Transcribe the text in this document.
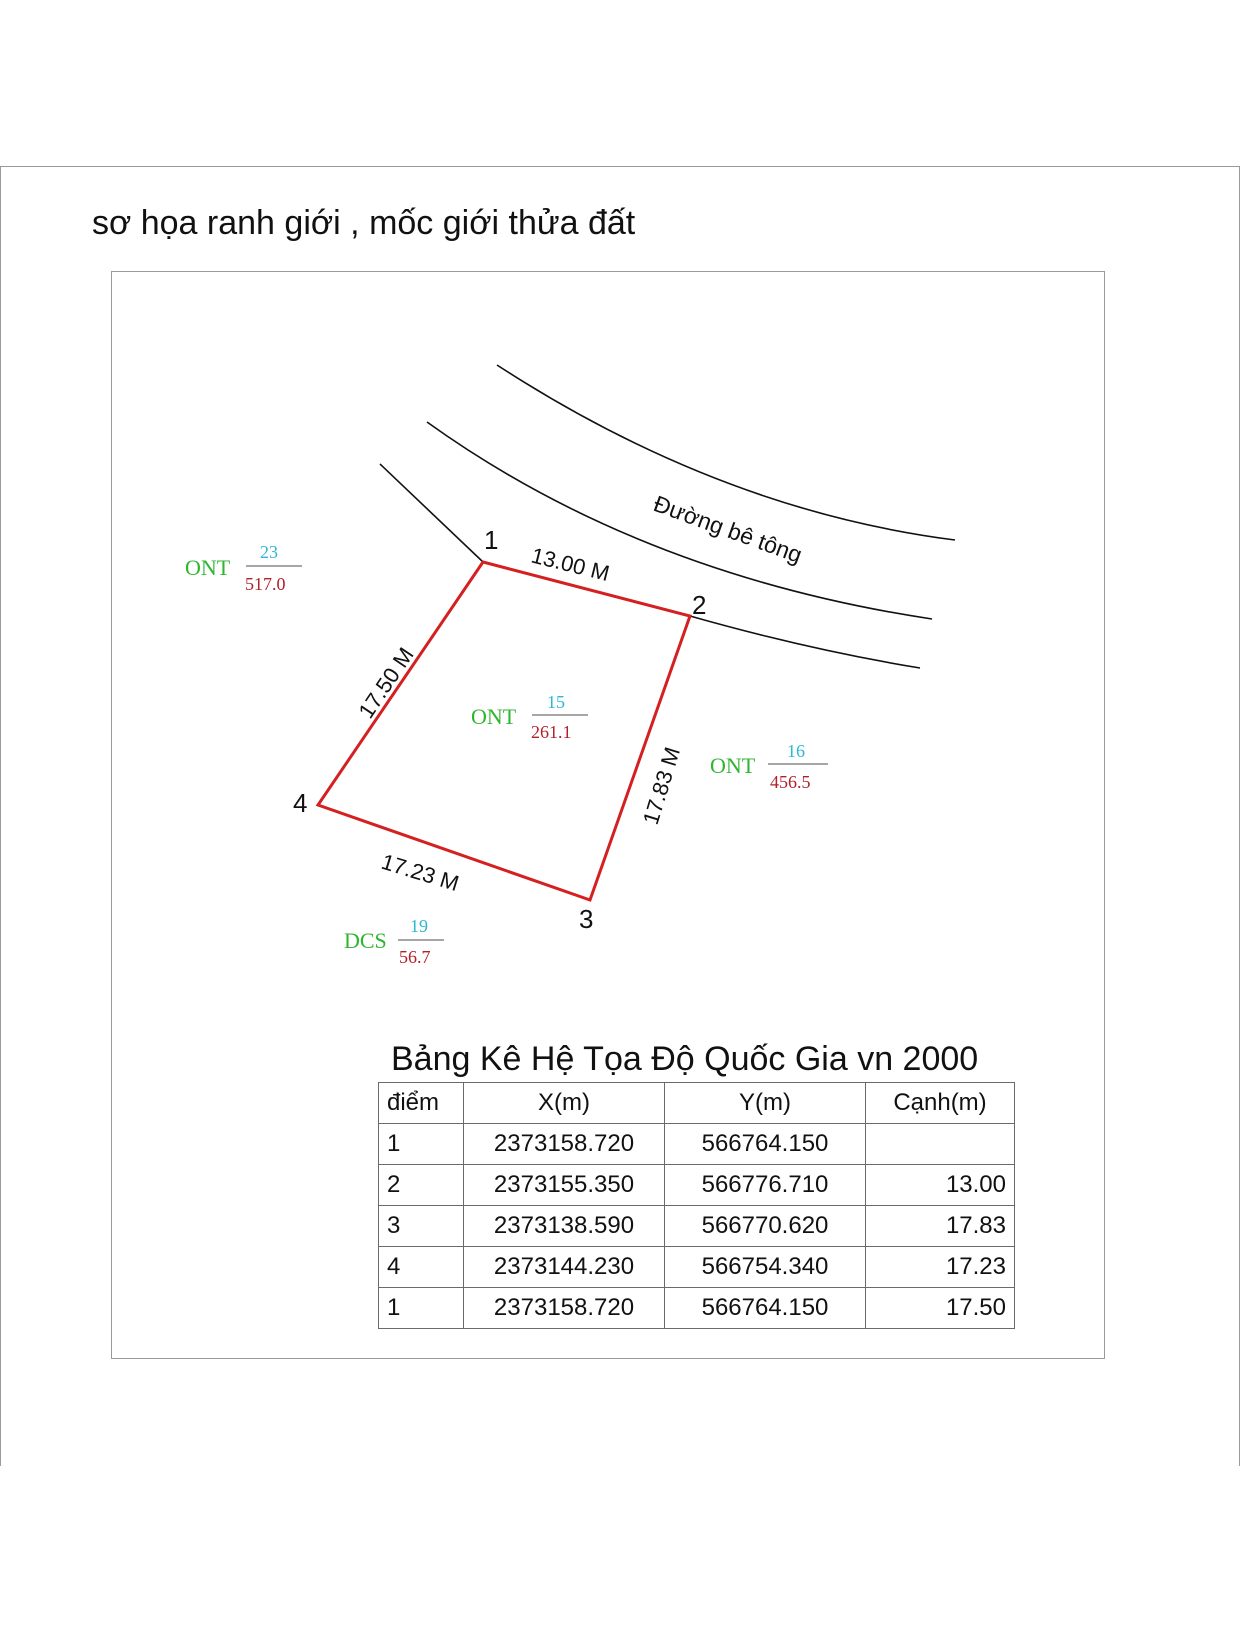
sơ họa ranh giới , mốc giới thửa đất
Đường bê tông
1
2
3
4
13.00 M
17.83 M
17.23 M
17.50 M
ONT
23
517.0
ONT
15
261.1
ONT
16
456.5
DCS
19
56.7
Bảng Kê Hệ Tọa Độ Quốc Gia vn 2000
điểm	X(m)	Y(m)	Cạnh(m)
1	2373158.720	566764.150	
2	2373155.350	566776.710	13.00
3	2373138.590	566770.620	17.83
4	2373144.230	566754.340	17.23
1	2373158.720	566764.150	17.50
